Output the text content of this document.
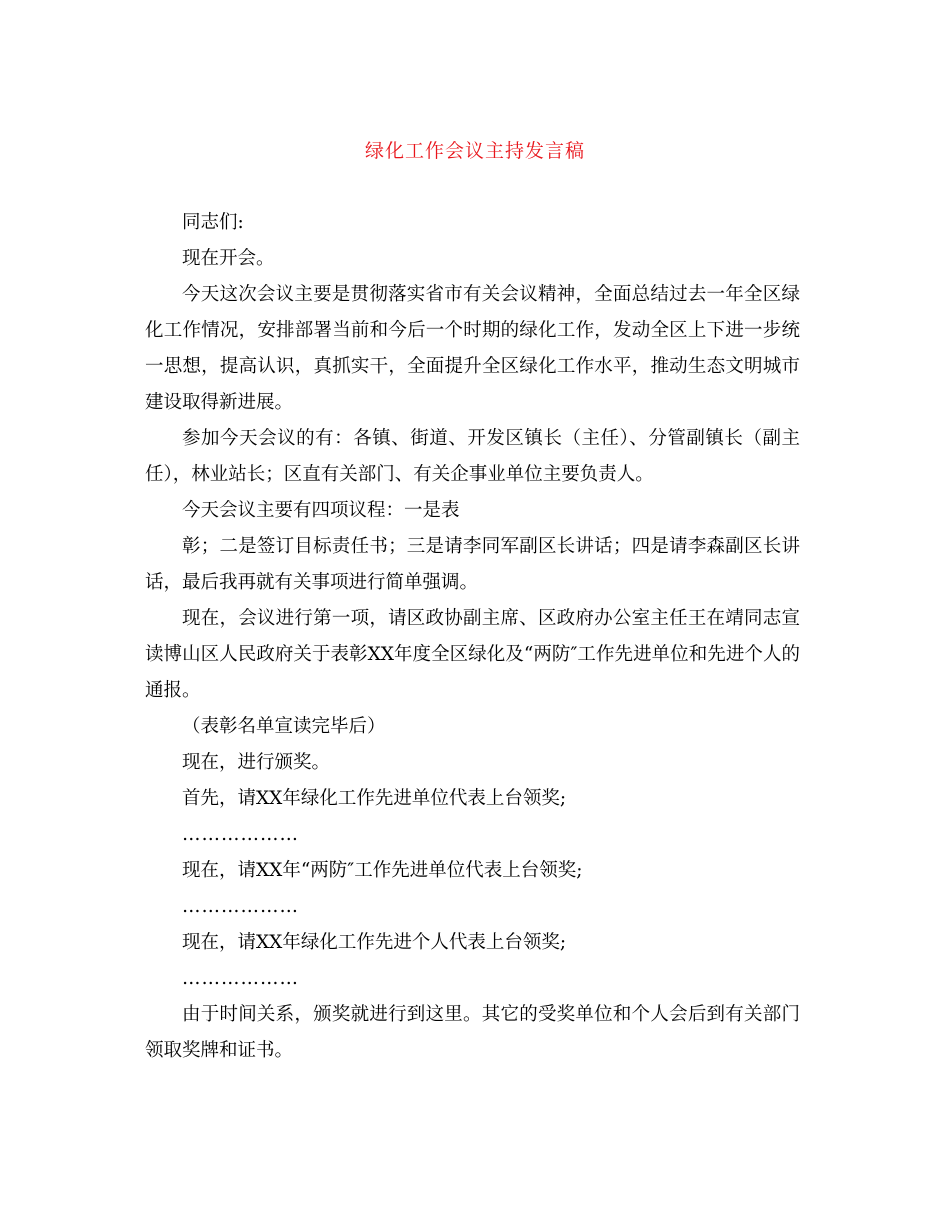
绿化工作会议主持发言稿

同志们:

现在开会。

今天这次会议主要是贯彻落实省市有关会议精神，全面总结过去一年全区绿化工作情况，安排部署当前和今后一个时期的绿化工作，发动全区上下进一步统一思想，提高认识，真抓实干，全面提升全区绿化工作水平，推动生态文明城市建设取得新进展。

参加今天会议的有：各镇、街道、开发区镇长（主任）、分管副镇长（副主任），林业站长；区直有关部门、有关企事业单位主要负责人。

今天会议主要有四项议程：一是表

彰；二是签订目标责任书；三是请李同军副区长讲话；四是请李森副区长讲话，最后我再就有关事项进行简单强调。

现在，会议进行第一项，请区政协副主席、区政府办公室主任王在靖同志宣读博山区人民政府关于表彰XX年度全区绿化及“两防″工作先进单位和先进个人的通报。

（表彰名单宣读完毕后）

现在，进行颁奖。

首先，请XX年绿化工作先进单位代表上台领奖;

………………

现在，请XX年“两防″工作先进单位代表上台领奖;

………………

现在，请XX年绿化工作先进个人代表上台领奖;

………………

由于时间关系，颁奖就进行到这里。其它的受奖单位和个人会后到有关部门领取奖牌和证书。
